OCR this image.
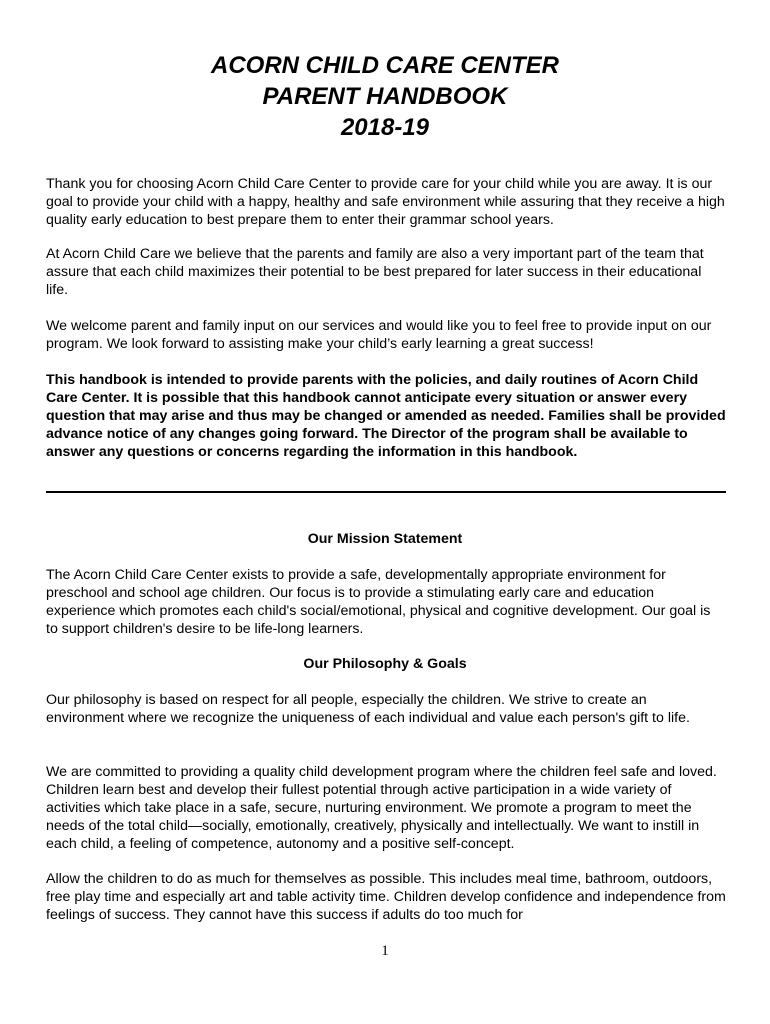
ACORN CHILD CARE CENTER
PARENT HANDBOOK
2018-19

Thank you for choosing Acorn Child Care Center to provide care for your child while you are away. It is our goal to provide your child with a happy, healthy and safe environment while assuring that they receive a high quality early education to best prepare them to enter their grammar school years.

At Acorn Child Care we believe that the parents and family are also a very important part of the team that assure that each child maximizes their potential to be best prepared for later success in their educational life.

We welcome parent and family input on our services and would like you to feel free to provide input on our program. We look forward to assisting make your child’s early learning a great success!

This handbook is intended to provide parents with the policies, and daily routines of Acorn Child Care Center. It is possible that this handbook cannot anticipate every situation or answer every question that may arise and thus may be changed or amended as needed. Families shall be provided advance notice of any changes going forward. The Director of the program shall be available to answer any questions or concerns regarding the information in this handbook.

Our Mission Statement

The Acorn Child Care Center exists to provide a safe, developmentally appropriate environment for preschool and school age children. Our focus is to provide a stimulating early care and education experience which promotes each child's social/emotional, physical and cognitive development. Our goal is to support children's desire to be life-long learners.

Our Philosophy & Goals

Our philosophy is based on respect for all people, especially the children. We strive to create an environment where we recognize the uniqueness of each individual and value each person's gift to life.

We are committed to providing a quality child development program where the children feel safe and loved. Children learn best and develop their fullest potential through active participation in a wide variety of activities which take place in a safe, secure, nurturing environment. We promote a program to meet the needs of the total child—socially, emotionally, creatively, physically and intellectually. We want to instill in each child, a feeling of competence, autonomy and a positive self-concept.

Allow the children to do as much for themselves as possible. This includes meal time, bathroom, outdoors, free play time and especially art and table activity time. Children develop confidence and independence from feelings of success. They cannot have this success if adults do too much for

1
